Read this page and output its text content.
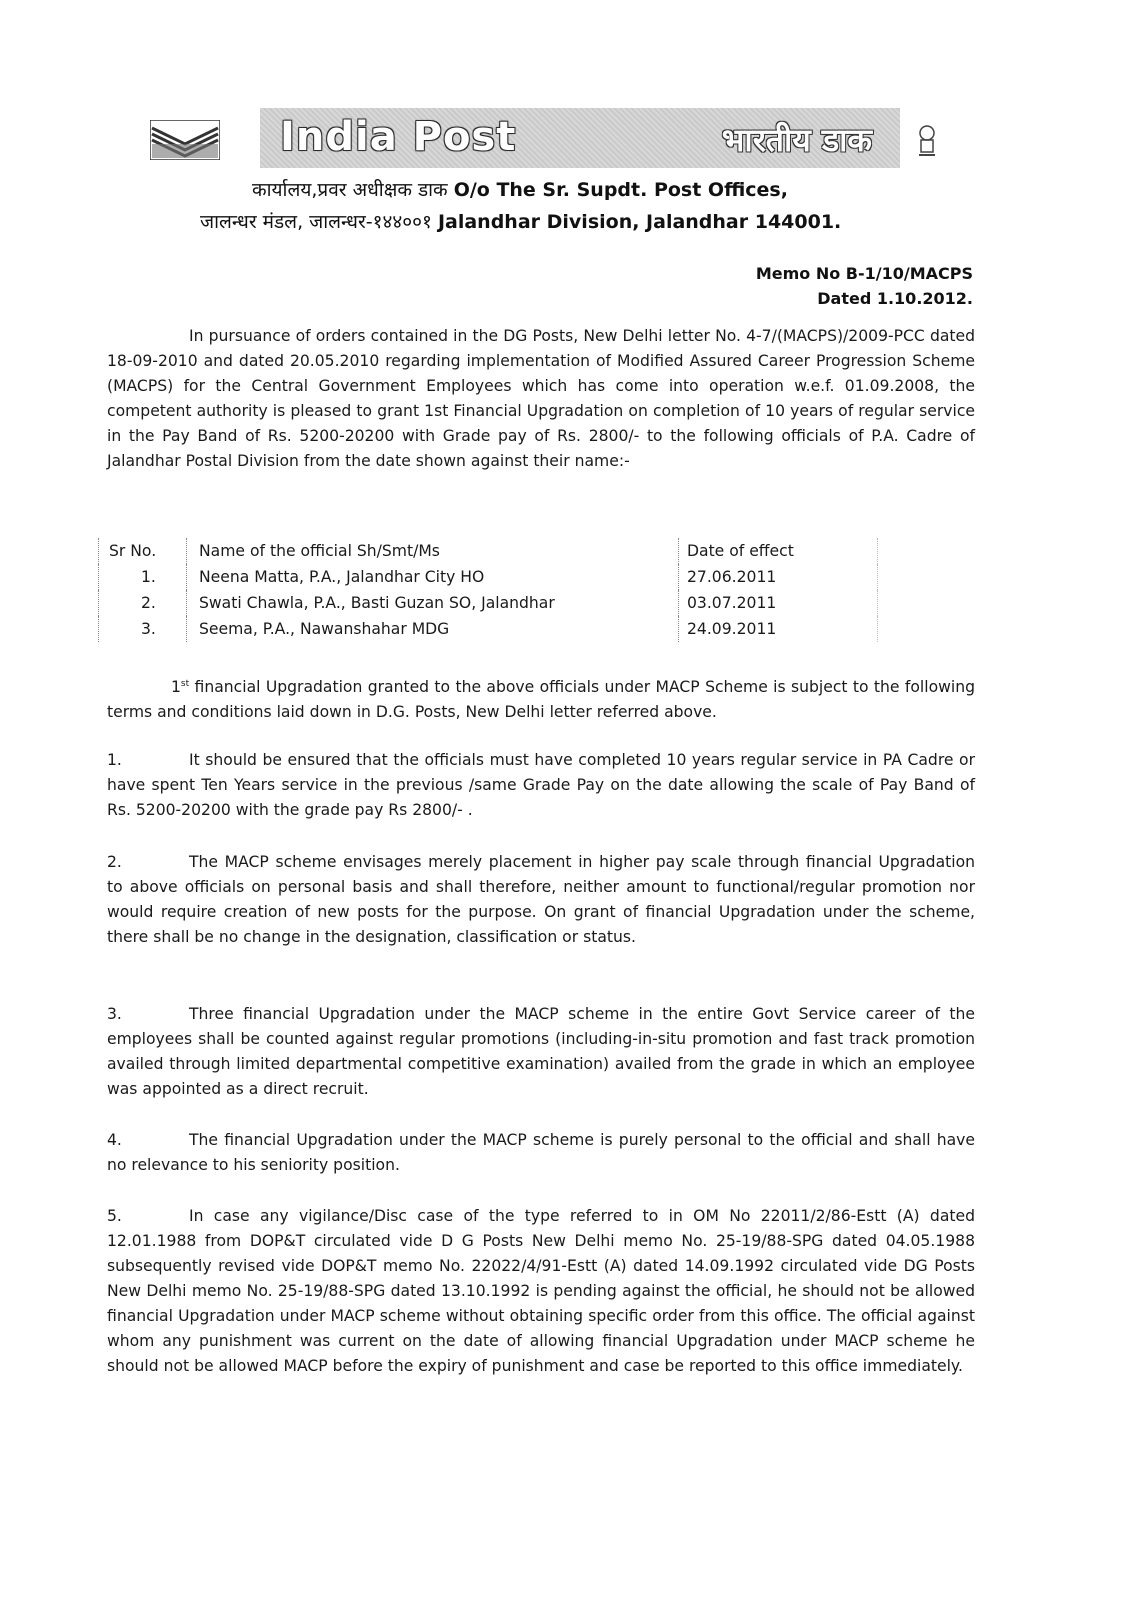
India Post	भारतीय डाक
कार्यालय,प्रवर अधीक्षक डाक O/o The Sr. Supdt. Post Offices,
जालन्धर मंडल, जालन्धर-१४४००१ Jalandhar Division, Jalandhar 144001.
Memo No B-1/10/MACPS
Dated 1.10.2012.

In pursuance of orders contained in the DG Posts, New Delhi letter No. 4-7/(MACPS)/2009-PCC dated 18-09-2010 and dated 20.05.2010 regarding implementation of Modified Assured Career Progression Scheme (MACPS) for the Central Government Employees which has come into operation w.e.f. 01.09.2008, the competent authority is pleased to grant 1st Financial Upgradation on completion of 10 years of regular service in the Pay Band of Rs. 5200-20200 with Grade pay of Rs. 2800/- to the following officials of P.A. Cadre of Jalandhar Postal Division from the date shown against their name:-

Sr No.	Name of the official Sh/Smt/Ms	Date of effect
1.	Neena Matta, P.A., Jalandhar City HO	27.06.2011
2.	Swati Chawla, P.A., Basti Guzan SO, Jalandhar	03.07.2011
3.	Seema, P.A., Nawanshahar MDG	24.09.2011

1st financial Upgradation granted to the above officials under MACP Scheme is subject to the following terms and conditions laid down in D.G. Posts, New Delhi letter referred above.

1.	It should be ensured that the officials must have completed 10 years regular service in PA Cadre or have spent Ten Years service in the previous /same Grade Pay on the date allowing the scale of Pay Band of Rs. 5200-20200 with the grade pay Rs 2800/- .

2.	The MACP scheme envisages merely placement in higher pay scale through financial Upgradation to above officials on personal basis and shall therefore, neither amount to functional/regular promotion nor would require creation of new posts for the purpose. On grant of financial Upgradation under the scheme, there shall be no change in the designation, classification or status.

3.	Three financial Upgradation under the MACP scheme in the entire Govt Service career of the employees shall be counted against regular promotions (including-in-situ promotion and fast track promotion availed through limited departmental competitive examination) availed from the grade in which an employee was appointed as a direct recruit.

4.	The financial Upgradation under the MACP scheme is purely personal to the official and shall have no relevance to his seniority position.

5.	In case any vigilance/Disc case of the type referred to in OM No 22011/2/86-Estt (A) dated 12.01.1988 from DOP&T circulated vide D G Posts New Delhi memo No. 25-19/88-SPG dated 04.05.1988 subsequently revised vide DOP&T memo No. 22022/4/91-Estt (A) dated 14.09.1992 circulated vide DG Posts New Delhi memo No. 25-19/88-SPG dated 13.10.1992 is pending against the official, he should not be allowed financial Upgradation under MACP scheme without obtaining specific order from this office. The official against whom any punishment was current on the date of allowing financial Upgradation under MACP scheme he should not be allowed MACP before the expiry of punishment and case be reported to this office immediately.
